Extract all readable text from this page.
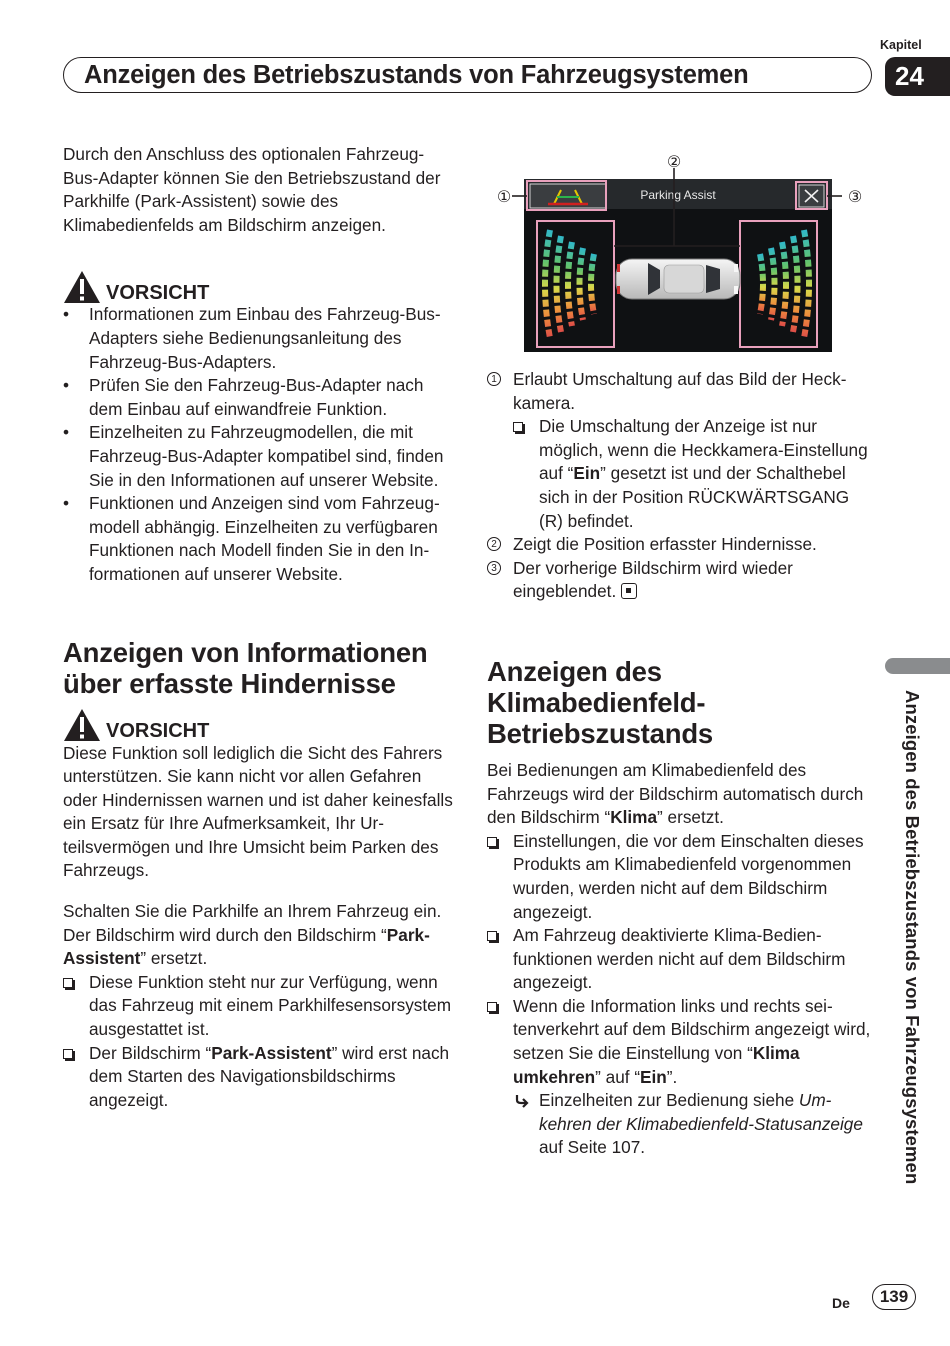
Kapitel
24
Anzeigen des Betriebszustands von Fahrzeugsystemen

Durch den Anschluss des optionalen Fahrzeug-Bus-Adapter können Sie den Betriebszustand der Parkhilfe (Park-Assistent) sowie des Klimabedienfelds am Bildschirm anzeigen.

VORSICHT
• Informationen zum Einbau des Fahrzeug-Bus-Adapters siehe Bedienungsanleitung des Fahrzeug-Bus-Adapters.
• Prüfen Sie den Fahrzeug-Bus-Adapter nach dem Einbau auf einwandfreie Funktion.
• Einzelheiten zu Fahrzeugmodellen, die mit Fahrzeug-Bus-Adapter kompatibel sind, finden Sie in den Informationen auf unserer Website.
• Funktionen und Anzeigen sind vom Fahrzeugmodell abhängig. Einzelheiten zu verfügbaren Funktionen nach Modell finden Sie in den Informationen auf unserer Website.
Anzeigen von Informationen über erfasste Hindernisse
VORSICHT

Diese Funktion soll lediglich die Sicht des Fahrers unterstützen. Sie kann nicht vor allen Gefahren oder Hindernissen warnen und ist daher keinesfalls ein Ersatz für Ihre Aufmerksamkeit, Ihr Urteilsvermögen und Ihre Umsicht beim Parken des Fahrzeugs.

Schalten Sie die Parkhilfe an Ihrem Fahrzeug ein. Der Bildschirm wird durch den Bildschirm “Park-Assistent” ersetzt.

Diese Funktion steht nur zur Verfügung, wenn das Fahrzeug mit einem Parkhilfesensorsystem ausgestattet ist.
Der Bildschirm “Park-Assistent” wird erst nach dem Starten des Navigationsbildschirms angezeigt.
Parking Assist
②
①	③
1 Erlaubt Umschaltung auf das Bild der Heckkamera.
Die Umschaltung der Anzeige ist nur möglich, wenn die Heckkamera-Einstellung auf “Ein” gesetzt ist und der Schalthebel sich in der Position RÜCKWÄRTSGANG (R) befindet.
2 Zeigt die Position erfasster Hindernisse.
3 Der vorherige Bildschirm wird wieder eingeblendet.
Anzeigen des Klimabedienfeld-Betriebszustands

Bei Bedienungen am Klimabedienfeld des Fahrzeugs wird der Bildschirm automatisch durch den Bildschirm “Klima” ersetzt.

Einstellungen, die vor dem Einschalten dieses Produkts am Klimabedienfeld vorgenommen wurden, werden nicht auf dem Bildschirm angezeigt.
Am Fahrzeug deaktivierte Klima-Bedienfunktionen werden nicht auf dem Bildschirm angezeigt.
Wenn die Information links und rechts seitenverkehrt auf dem Bildschirm angezeigt wird, setzen Sie die Einstellung von “Klima umkehren” auf “Ein”.
Einzelheiten zur Bedienung siehe Umkehren der Klimabedienfeld-Statusanzeige auf Seite 107.	Anzeigen des Betriebszustands von Fahrzeugsystemen
De	139
